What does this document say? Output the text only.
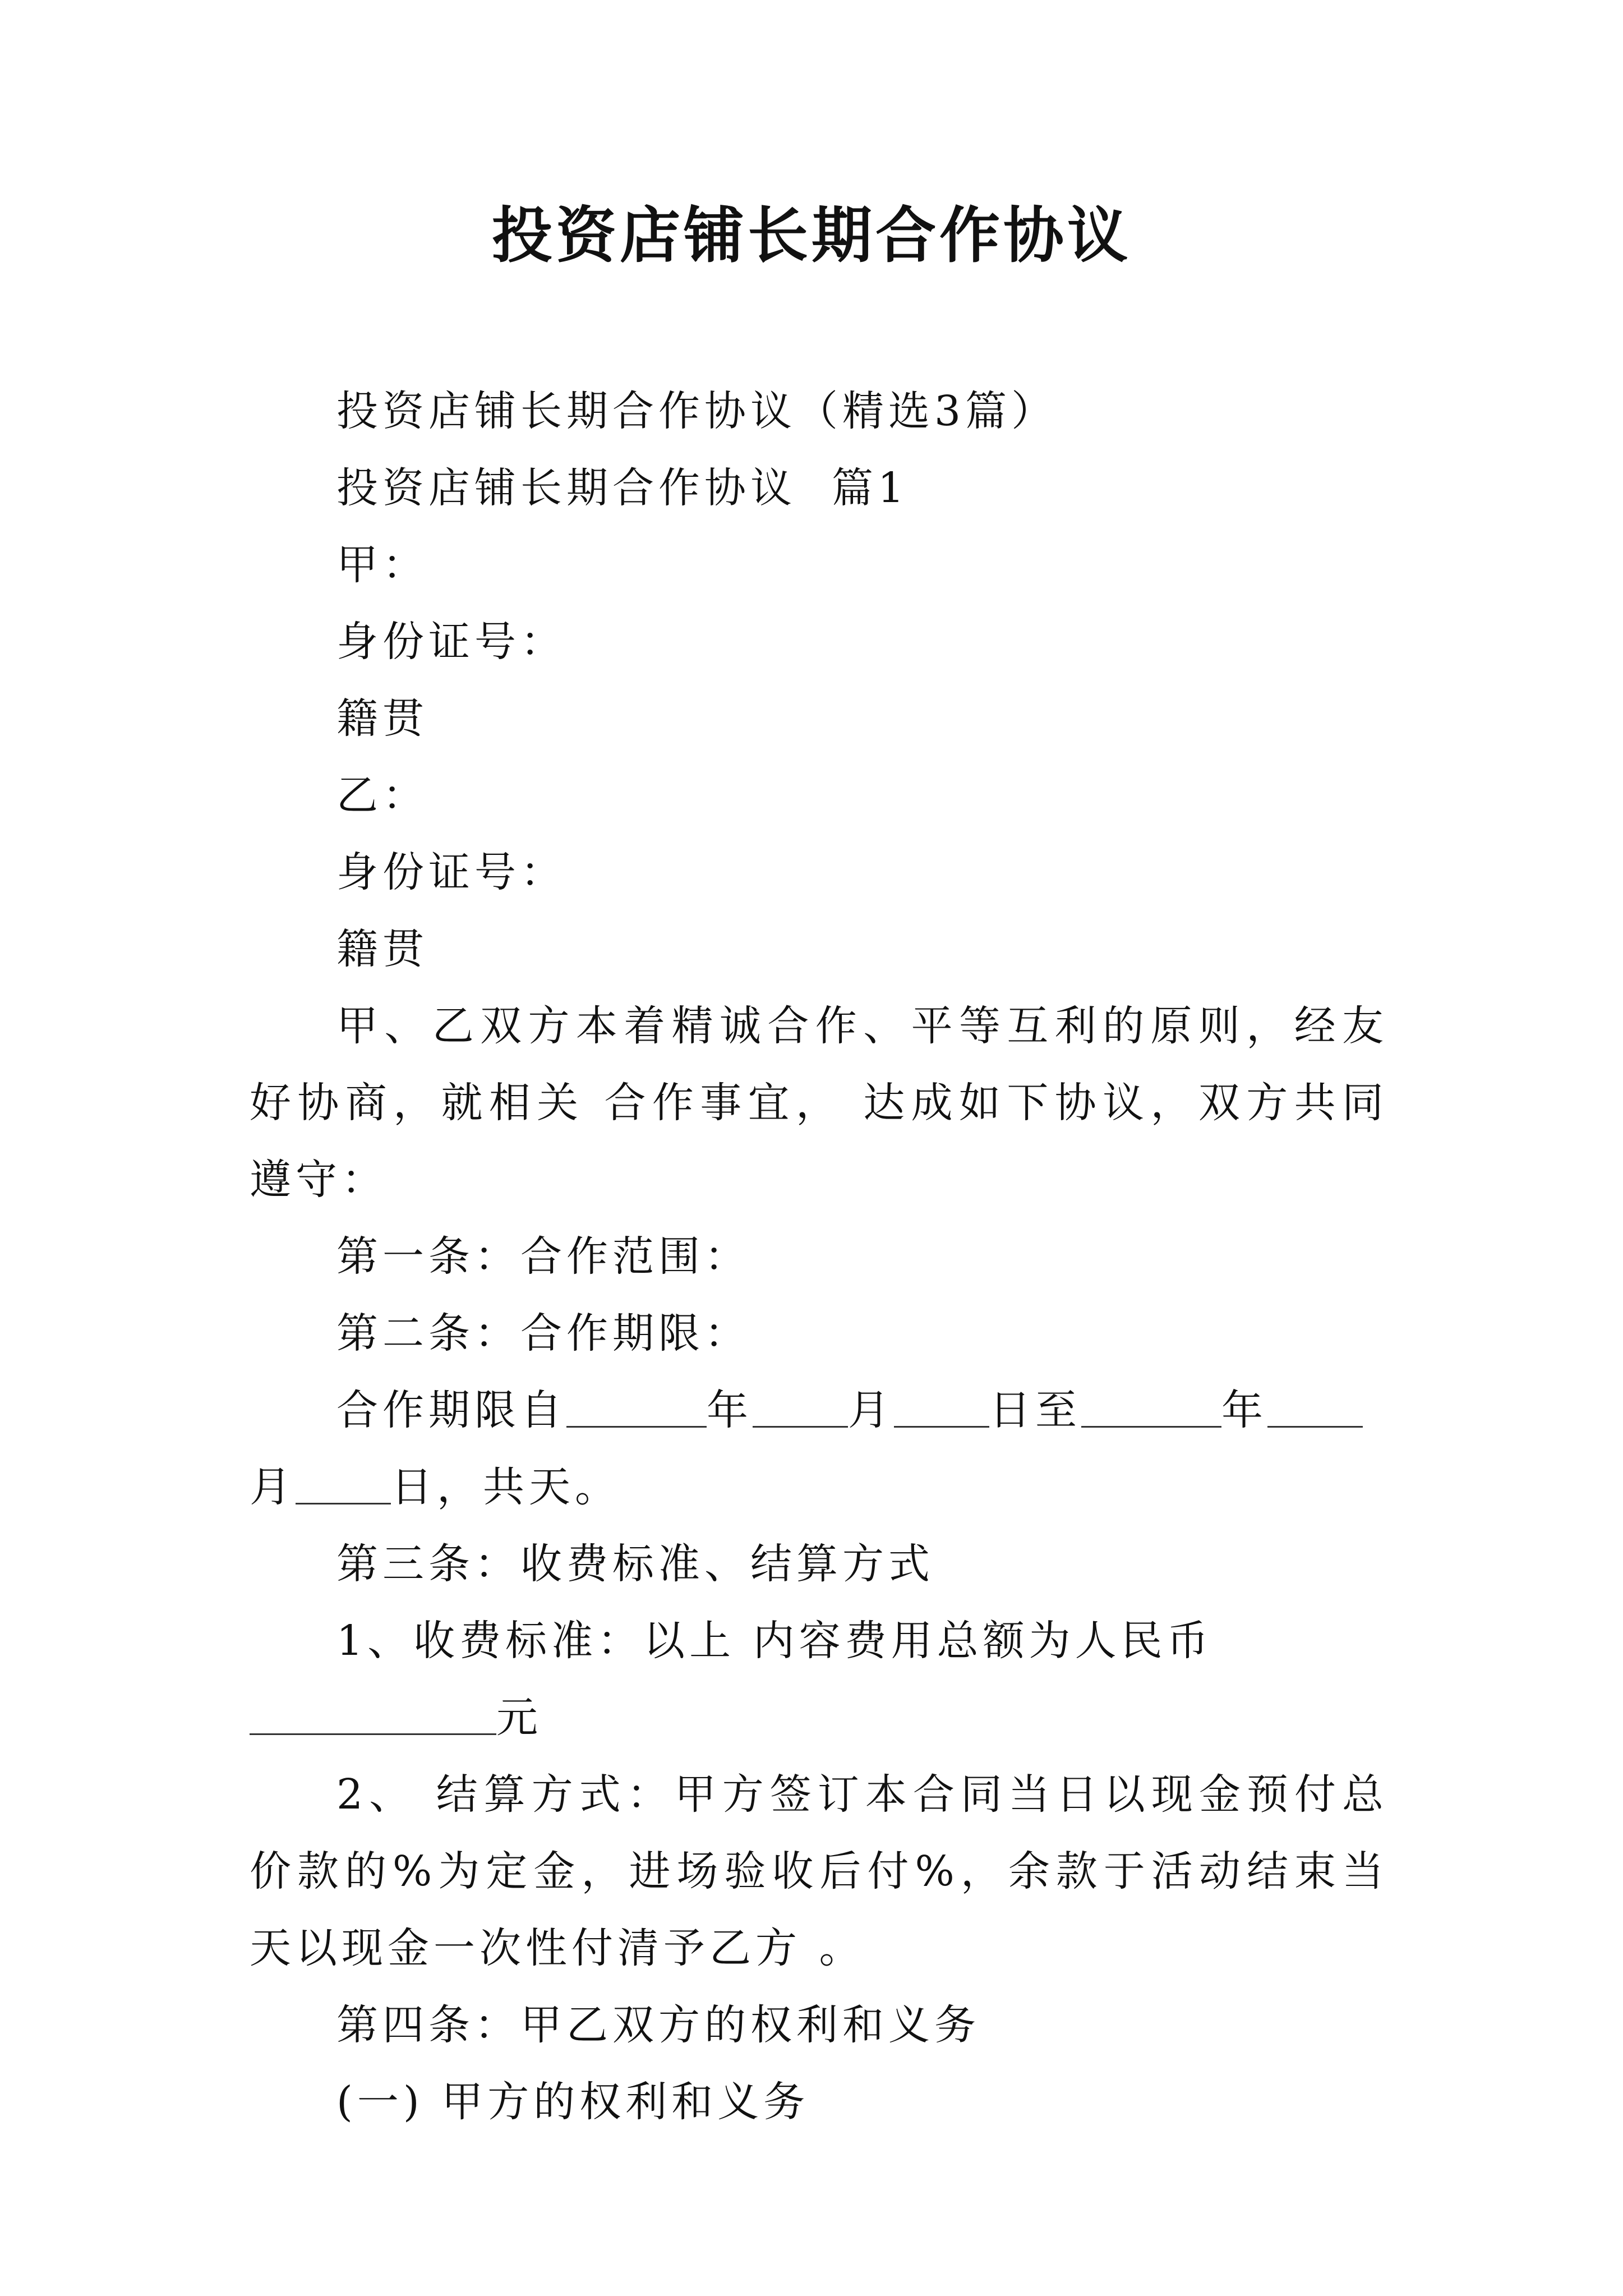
投资店铺长期合作协议

投资店铺长期合作协议（精选3篇）

投资店铺长期合作协议  篇1

甲：

身份证号：

籍贯

乙：

身份证号：

籍贯

甲、乙双方本着精诚合作、平等互利的原则，经友好协商，就相关 合作事宜， 达成如下协议，双方共同遵守：

第一条：合作范围：

第二条：合作期限：

合作期限自	年 月 日至	年月 日，共天。

第三条：收费标准、结算方式

1、收费标准：以上 内容费用总额为人民币元

2、 结算方式：甲方签订本合同当日以现金预付总价款的%为定金，进场验收后付%，余款于活动结束当天以现金一次性付清予乙方 。

第四条：甲乙双方的权利和义务

(一) 甲方的权利和义务
